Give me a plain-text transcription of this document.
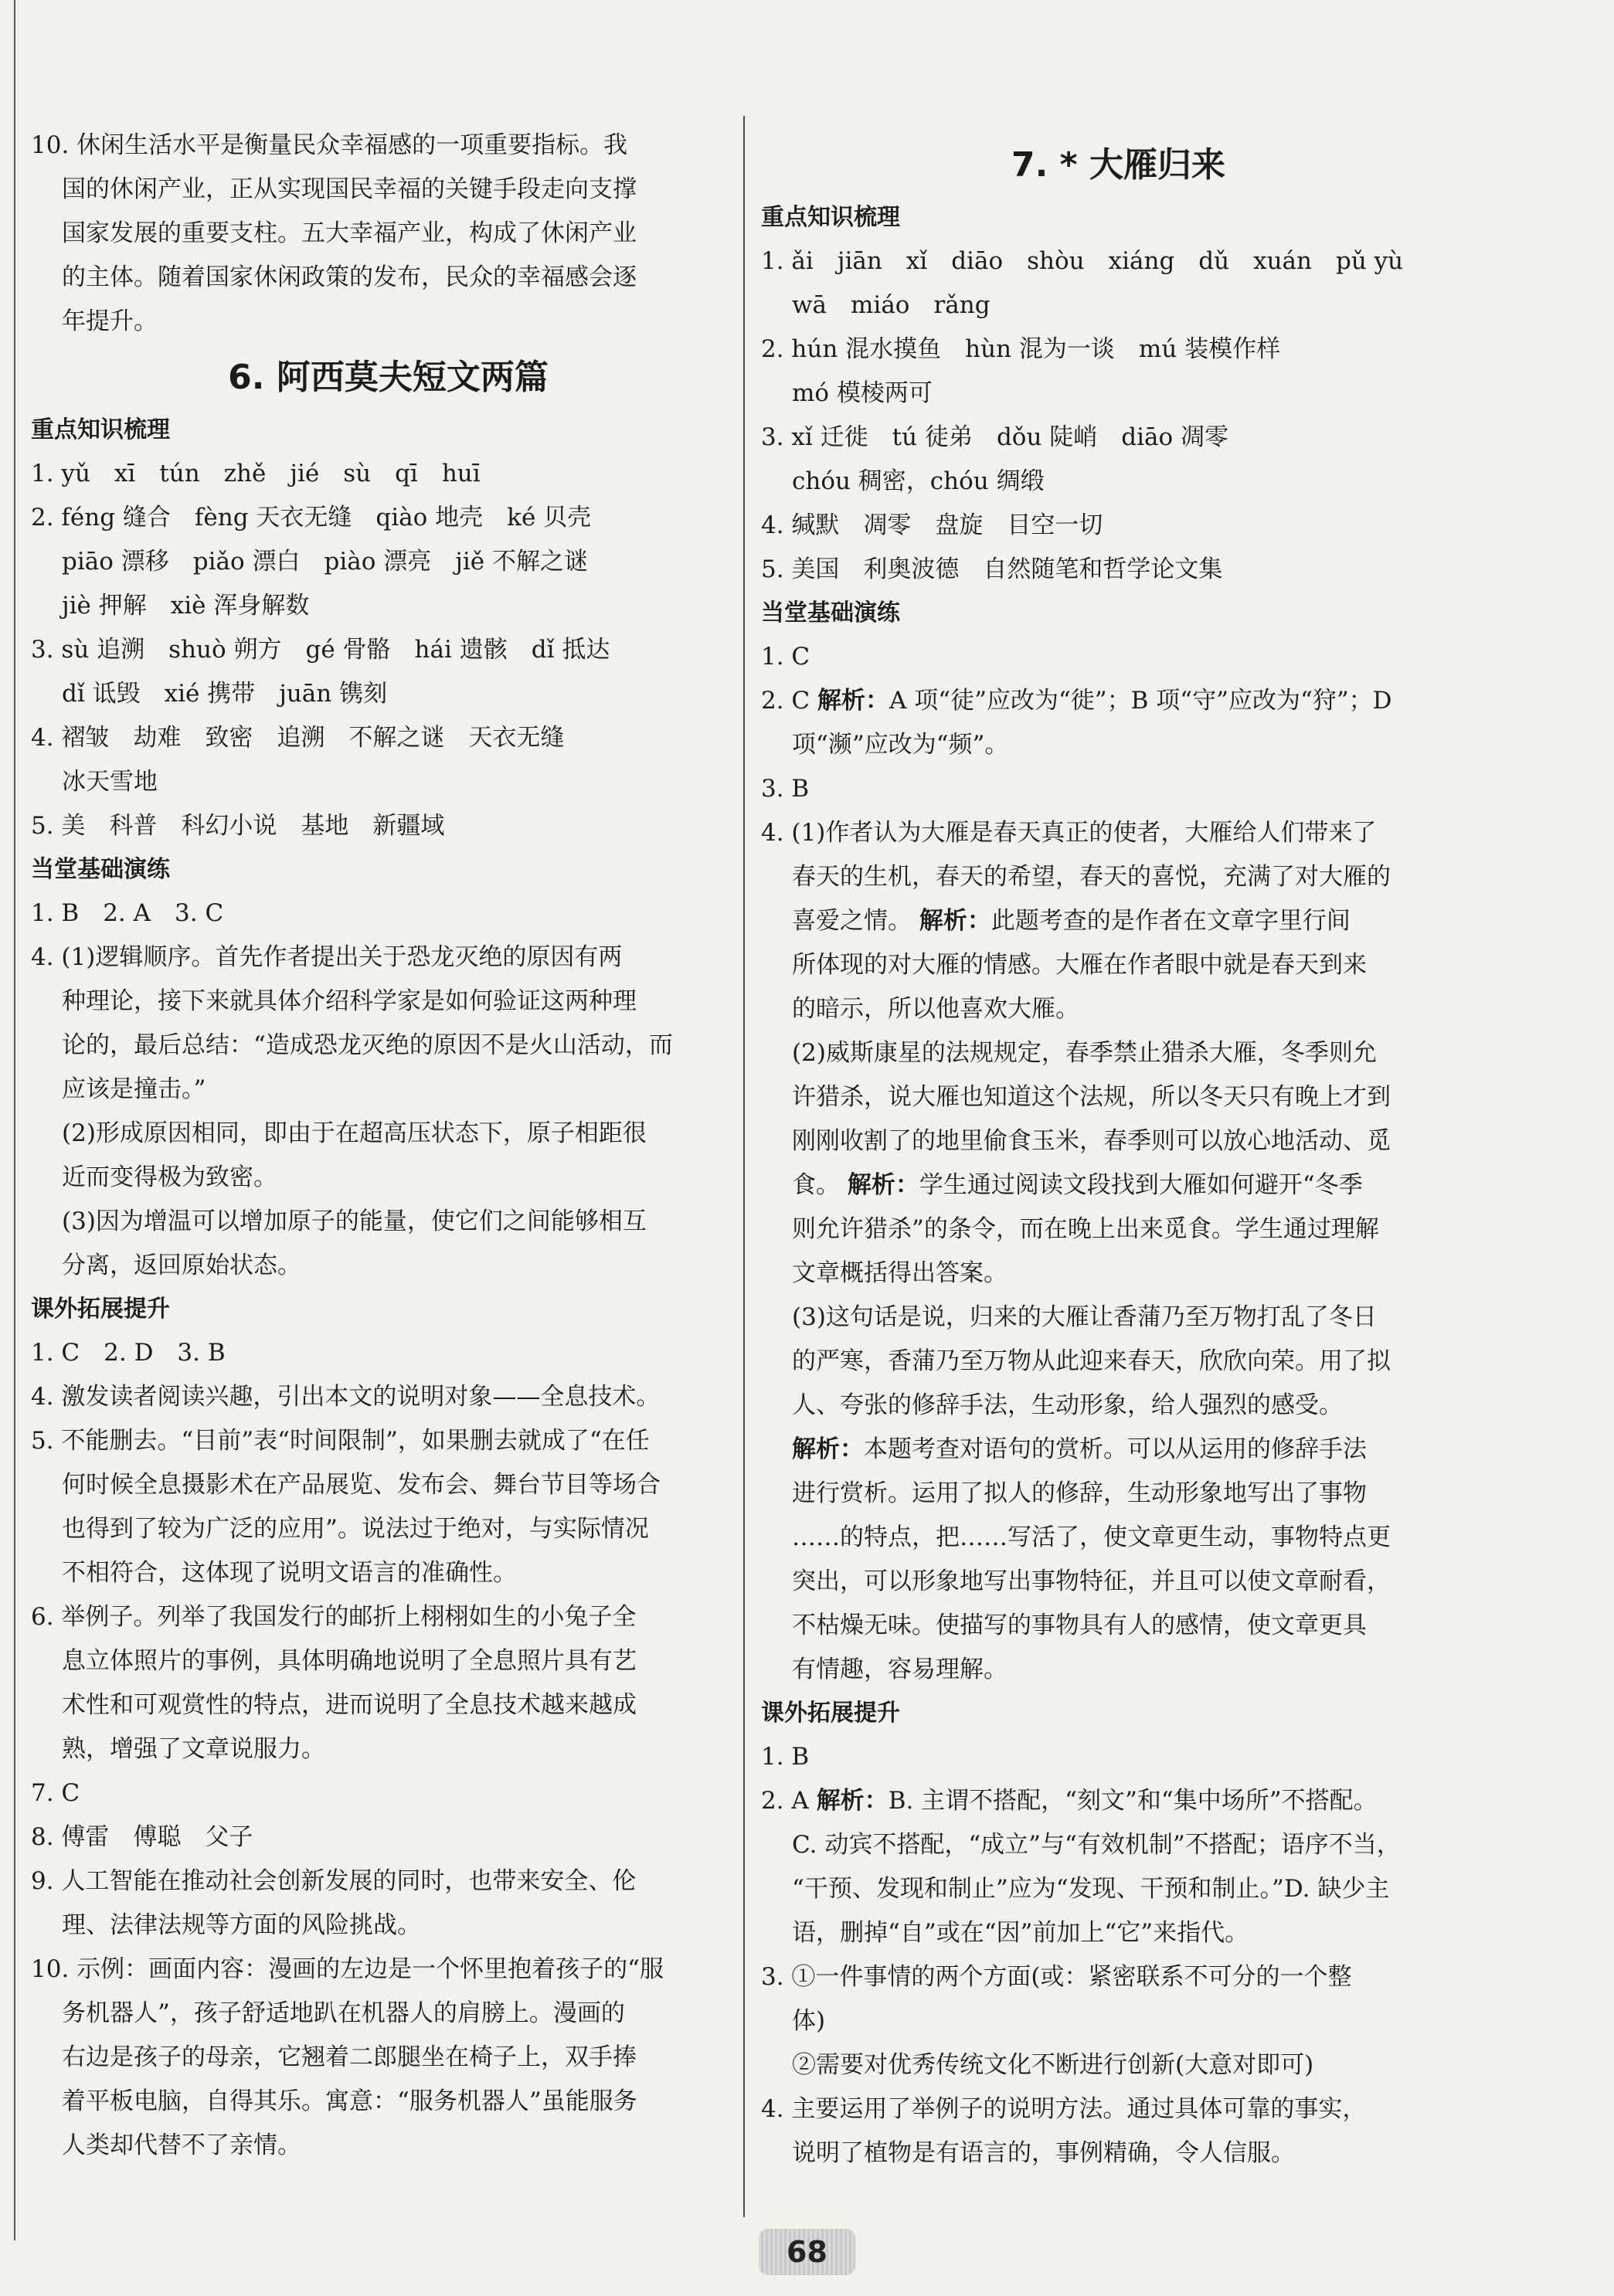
10. 休闲生活水平是衡量民众幸福感的一项重要指标。我

国的休闲产业，正从实现国民幸福的关键手段走向支撑

国家发展的重要支柱。五大幸福产业，构成了休闲产业

的主体。随着国家休闲政策的发布，民众的幸福感会逐

年提升。

6. 阿西莫夫短文两篇
重点知识梳理

1. yǔ　xī　tún　zhě　jié　sù　qī　huī

2. féng 缝合　fèng 天衣无缝　qiào 地壳　ké 贝壳

piāo 漂移　piǎo 漂白　piào 漂亮　jiě 不解之谜

jiè 押解　xiè 浑身解数

3. sù 追溯　shuò 朔方　gé 骨骼　hái 遗骸　dǐ 抵达

dǐ 诋毁　xié 携带　juān 镌刻

4. 褶皱　劫难　致密　追溯　不解之谜　天衣无缝

冰天雪地

5. 美　科普　科幻小说　基地　新疆域

当堂基础演练

1. B　2. A　3. C

4. (1)逻辑顺序。首先作者提出关于恐龙灭绝的原因有两

种理论，接下来就具体介绍科学家是如何验证这两种理

论的，最后总结：“造成恐龙灭绝的原因不是火山活动，而

应该是撞击。”

(2)形成原因相同，即由于在超高压状态下，原子相距很

近而变得极为致密。

(3)因为增温可以增加原子的能量，使它们之间能够相互

分离，返回原始状态。

课外拓展提升

1. C　2. D　3. B

4. 激发读者阅读兴趣，引出本文的说明对象——全息技术。

5. 不能删去。“目前”表“时间限制”，如果删去就成了“在任

何时候全息摄影术在产品展览、发布会、舞台节目等场合

也得到了较为广泛的应用”。说法过于绝对，与实际情况

不相符合，这体现了说明文语言的准确性。

6. 举例子。列举了我国发行的邮折上栩栩如生的小兔子全

息立体照片的事例，具体明确地说明了全息照片具有艺

术性和可观赏性的特点，进而说明了全息技术越来越成

熟，增强了文章说服力。

7. C

8. 傅雷　傅聪　父子

9. 人工智能在推动社会创新发展的同时，也带来安全、伦

理、法律法规等方面的风险挑战。

10. 示例：画面内容：漫画的左边是一个怀里抱着孩子的“服

务机器人”，孩子舒适地趴在机器人的肩膀上。漫画的

右边是孩子的母亲，它翘着二郎腿坐在椅子上，双手捧

着平板电脑，自得其乐。寓意：“服务机器人”虽能服务

人类却代替不了亲情。

7. * 大雁归来
重点知识梳理

1. ǎi　jiān　xǐ　diāo　shòu　xiáng　dǔ　xuán　pǔ yù

wā　miáo　rǎng

2. hún 混水摸鱼　hùn 混为一谈　mú 装模作样

mó 模棱两可

3. xǐ 迁徙　tú 徒弟　dǒu 陡峭　diāo 凋零

chóu 稠密，chóu 绸缎

4. 缄默　凋零　盘旋　目空一切

5. 美国　利奥波德　自然随笔和哲学论文集

当堂基础演练

1. C

2. C 解析：A 项“徒”应改为“徙”；B 项“守”应改为“狩”；D

项“濒”应改为“频”。

3. B

4. (1)作者认为大雁是春天真正的使者，大雁给人们带来了

春天的生机，春天的希望，春天的喜悦，充满了对大雁的

喜爱之情。 解析：此题考查的是作者在文章字里行间

所体现的对大雁的情感。大雁在作者眼中就是春天到来

的暗示，所以他喜欢大雁。

(2)威斯康星的法规规定，春季禁止猎杀大雁，冬季则允

许猎杀，说大雁也知道这个法规，所以冬天只有晚上才到

刚刚收割了的地里偷食玉米，春季则可以放心地活动、觅

食。 解析：学生通过阅读文段找到大雁如何避开“冬季

则允许猎杀”的条令，而在晚上出来觅食。学生通过理解

文章概括得出答案。

(3)这句话是说，归来的大雁让香蒲乃至万物打乱了冬日

的严寒，香蒲乃至万物从此迎来春天，欣欣向荣。用了拟

人、夸张的修辞手法，生动形象，给人强烈的感受。

解析：本题考查对语句的赏析。可以从运用的修辞手法

进行赏析。运用了拟人的修辞，生动形象地写出了事物

……的特点，把……写活了，使文章更生动，事物特点更

突出，可以形象地写出事物特征，并且可以使文章耐看，

不枯燥无味。使描写的事物具有人的感情，使文章更具

有情趣，容易理解。

课外拓展提升

1. B

2. A 解析：B. 主谓不搭配，“刻文”和“集中场所”不搭配。

C. 动宾不搭配，“成立”与“有效机制”不搭配；语序不当，

“干预、发现和制止”应为“发现、干预和制止。”D. 缺少主

语，删掉“自”或在“因”前加上“它”来指代。

3. ①一件事情的两个方面(或：紧密联系不可分的一个整

体)

②需要对优秀传统文化不断进行创新(大意对即可)

4. 主要运用了举例子的说明方法。通过具体可靠的事实，

说明了植物是有语言的，事例精确，令人信服。

68
